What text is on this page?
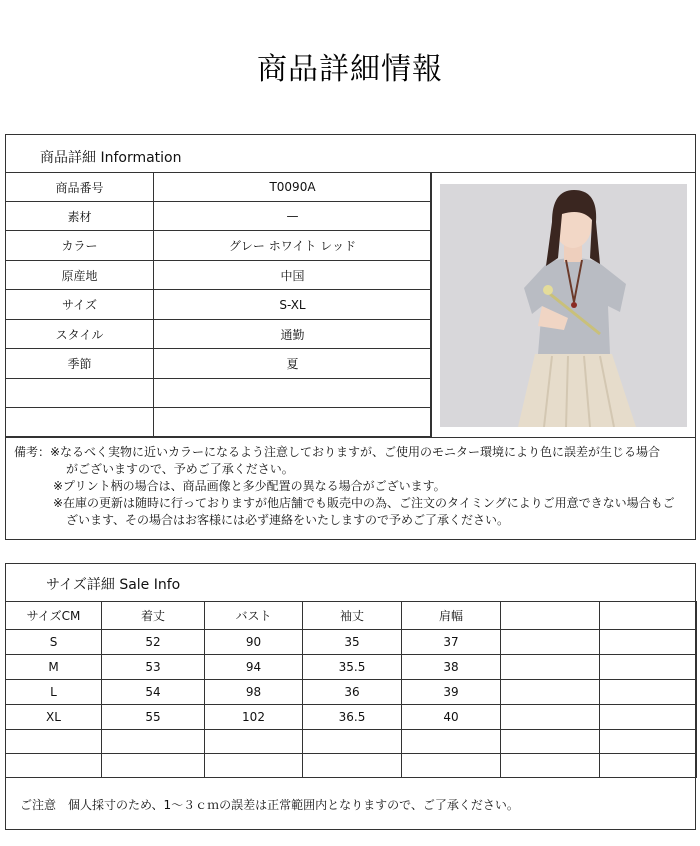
商品詳細情報
商品詳細 Information
商品番号	T0090A
素材	—
カラー	グレー ホワイト レッド
原産地	中国
サイズ	S-XL
スタイル	通勤
季節	夏

備考：※なるべく実物に近いカラーになるよう注意しておりますが、ご使用のモニター環境により色に誤差が生じる場合

がございますので、予めご了承ください。

※プリント柄の場合は、商品画像と多少配置の異なる場合がございます。

※在庫の更新は随時に行っておりますが他店舗でも販売中の為、ご注文のタイミングによりご用意できない場合もご

ざいます、その場合はお客様には必ず連絡をいたしますので予めご了承ください。

サイズ詳細 Sale Info
サイズCM	着丈	バスト	袖丈	肩幅		
S	52	90	35	37		
M	53	94	35.5	38		
L	54	98	36	39		
XL	55	102	36.5	40		

ご注意　個人採寸のため、1～３ｃｍの誤差は正常範囲内となりますので、ご了承ください。
